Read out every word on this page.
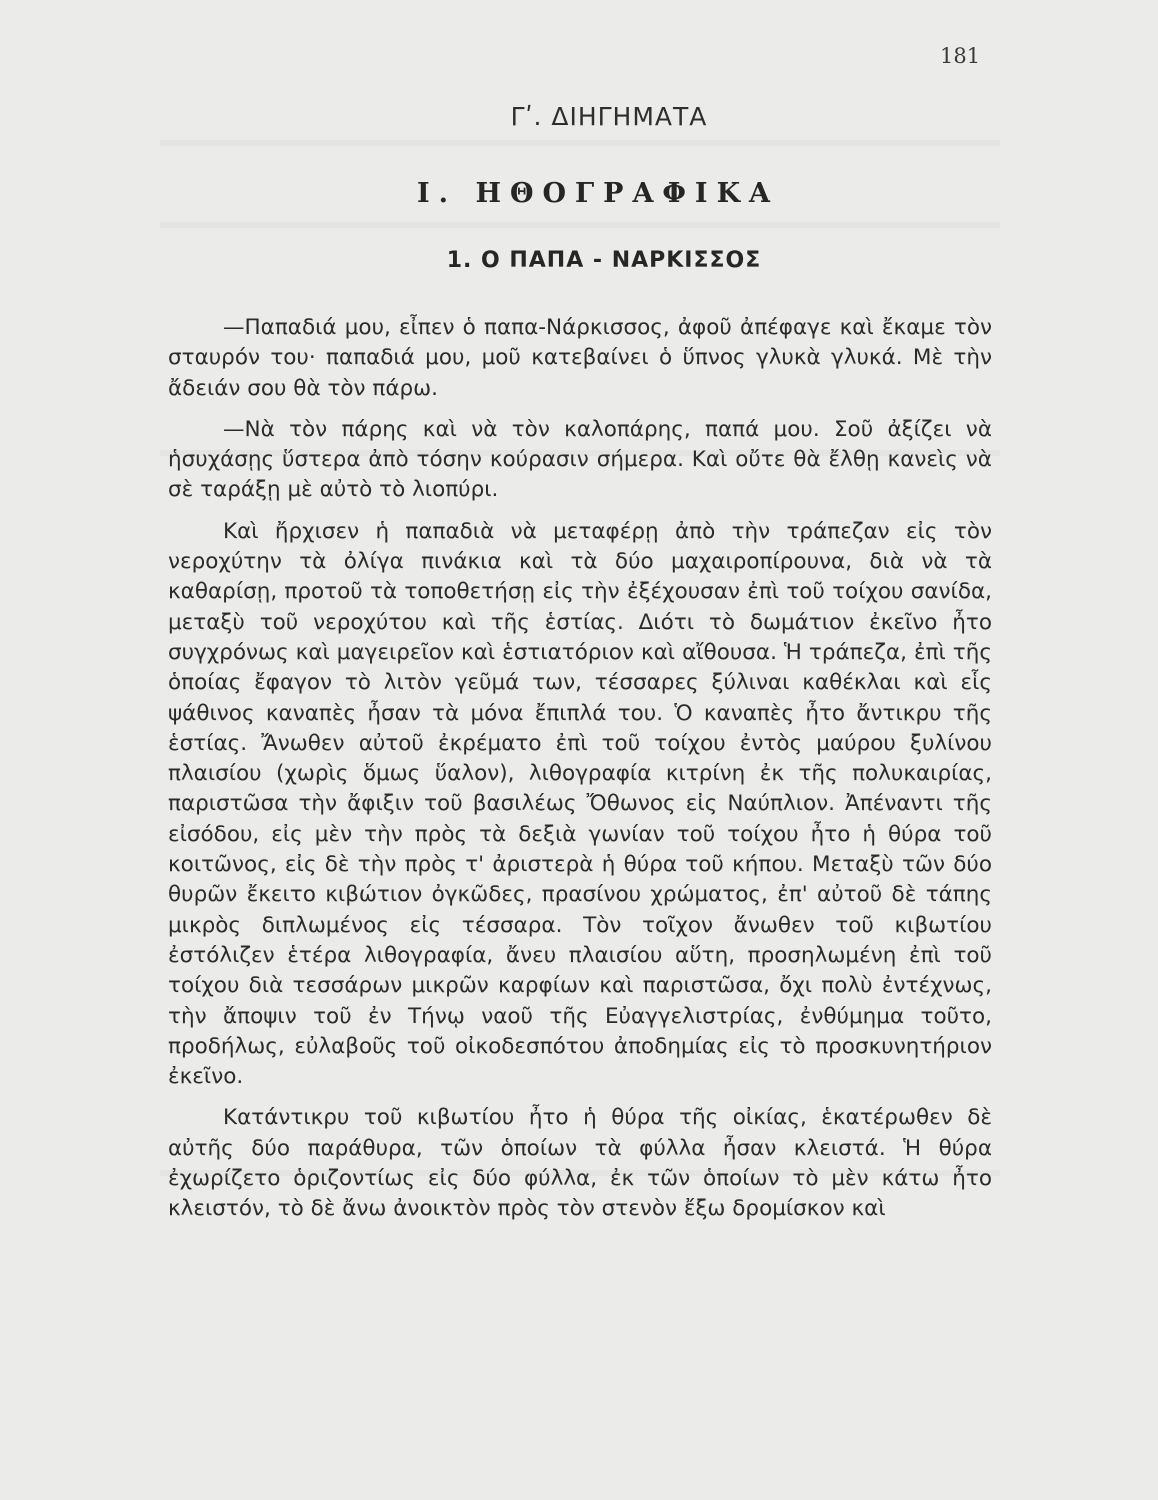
181
Γʹ. ΔΙΗΓΗΜΑΤΑ
Ι. ΗΘΟΓΡΑΦΙΚΑ
1. Ο ΠΑΠΑ - ΝΑΡΚΙΣΣΟΣ

—Παπαδιά μου, εἶπεν ὁ παπα-Νάρκισσος, ἀφοῦ ἀπέφαγε καὶ ἔκαμε τὸν σταυρόν του· παπαδιά μου, μοῦ κατεβαίνει ὁ ὕπνος γλυκὰ γλυκά. Μὲ τὴν ἄδειάν σου θὰ τὸν πάρω.

—Νὰ τὸν πάρης καὶ νὰ τὸν καλοπάρης, παπά μου. Σοῦ ἀξίζει νὰ ἡσυχάσῃς ὕστερα ἀπὸ τόσην κούρασιν σήμερα. Καὶ οὔτε θὰ ἔλθῃ κανεὶς νὰ σὲ ταράξῃ μὲ αὐτὸ τὸ λιοπύρι.

Καὶ ἤρχισεν ἡ παπαδιὰ νὰ μεταφέρῃ ἀπὸ τὴν τράπεζαν εἰς τὸν νεροχύτην τὰ ὀλίγα πινάκια καὶ τὰ δύο μαχαιροπίρουνα, διὰ νὰ τὰ καθαρίσῃ, προτοῦ τὰ τοποθετήσῃ εἰς τὴν ἐξέχουσαν ἐπὶ τοῦ τοίχου σανίδα, μεταξὺ τοῦ νεροχύτου καὶ τῆς ἑστίας. Διότι τὸ δωμάτιον ἐκεῖνο ἦτο συγχρόνως καὶ μαγειρεῖον καὶ ἑστιατόριον καὶ αἴθουσα. Ἡ τράπεζα, ἐπὶ τῆς ὁποίας ἔφαγον τὸ λιτὸν γεῦμά των, τέσσαρες ξύλιναι καθέκλαι καὶ εἷς ψάθινος καναπὲς ἦσαν τὰ μόνα ἔπιπλά του. Ὁ καναπὲς ἦτο ἄντικρυ τῆς ἑστίας. Ἄνωθεν αὐτοῦ ἐκρέματο ἐπὶ τοῦ τοίχου ἐντὸς μαύρου ξυλίνου πλαισίου (χωρὶς ὅμως ὕαλον), λιθογραφία κιτρίνη ἐκ τῆς πολυκαιρίας, παριστῶσα τὴν ἄφιξιν τοῦ βασιλέως Ὄθωνος εἰς Ναύπλιον. Ἀπέναντι τῆς εἰσόδου, εἰς μὲν τὴν πρὸς τὰ δεξιὰ γωνίαν τοῦ τοίχου ἦτο ἡ θύρα τοῦ κοιτῶνος, εἰς δὲ τὴν πρὸς τ' ἀριστερὰ ἡ θύρα τοῦ κήπου. Μεταξὺ τῶν δύο θυρῶν ἔκειτο κιβώτιον ὀγκῶδες, πρασίνου χρώματος, ἐπ' αὐτοῦ δὲ τάπης μικρὸς διπλωμένος εἰς τέσσαρα. Τὸν τοῖχον ἄνωθεν τοῦ κιβωτίου ἐστόλιζεν ἑτέρα λιθογραφία, ἄνευ πλαισίου αὕτη, προσηλωμένη ἐπὶ τοῦ τοίχου διὰ τεσσάρων μικρῶν καρφίων καὶ παριστῶσα, ὄχι πολὺ ἐντέχνως, τὴν ἄποψιν τοῦ ἐν Τήνῳ ναοῦ τῆς Εὐαγγελιστρίας, ἐνθύμημα τοῦτο, προδήλως, εὐλαβοῦς τοῦ οἰκοδεσπότου ἀποδημίας εἰς τὸ προσκυνητήριον ἐκεῖνο.

Κατάντικρυ τοῦ κιβωτίου ἦτο ἡ θύρα τῆς οἰκίας, ἑκατέρωθεν δὲ αὐτῆς δύο παράθυρα, τῶν ὁποίων τὰ φύλλα ἦσαν κλειστά. Ἡ θύρα ἐχωρίζετο ὁριζοντίως εἰς δύο φύλλα, ἐκ τῶν ὁποίων τὸ μὲν κάτω ἦτο κλειστόν, τὸ δὲ ἄνω ἀνοικτὸν πρὸς τὸν στενὸν ἔξω δρομίσκον καὶ
